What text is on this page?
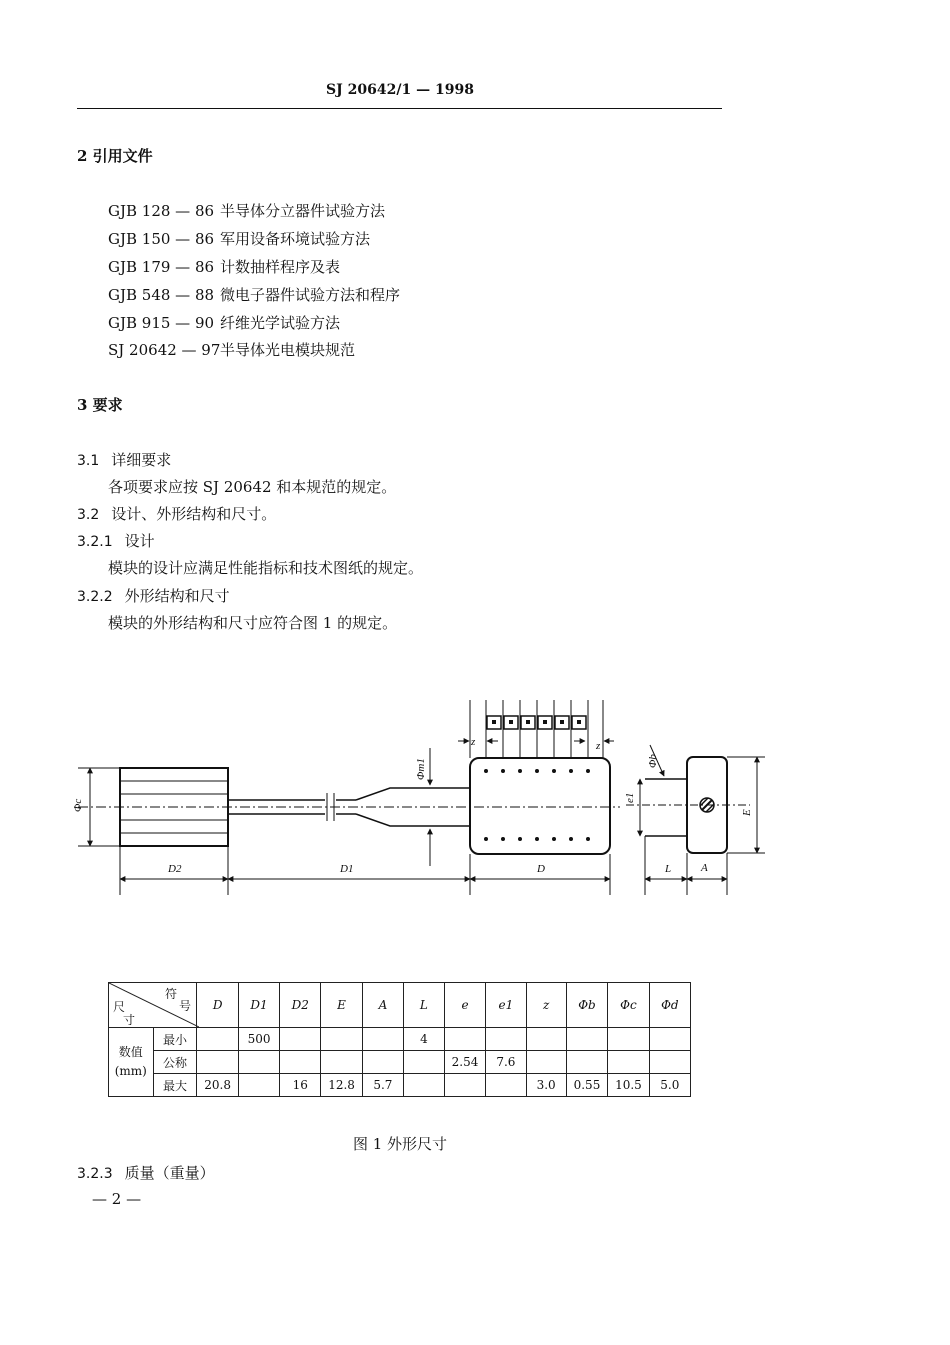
SJ 20642/1 — 1998
2 引用文件
GJB 128 — 86 半导体分立器件试验方法
GJB 150 — 86 军用设备环境试验方法
GJB 179 — 86 计数抽样程序及表
GJB 548 — 88 微电子器件试验方法和程序
GJB 915 — 90 纤维光学试验方法
SJ 20642 — 97半导体光电模块规范
3 要求
3.1 详细要求
各项要求应按 SJ 20642 和本规范的规定。
3.2 设计、外形结构和尺寸。
3.2.1 设计
模块的设计应满足性能指标和技术图纸的规定。
3.2.2 外形结构和尺寸
模块的外形结构和尺寸应符合图 1 的规定。
Φc
D2	D1	D
Φm1
z	z
Φb
e1
E
L	A
符
号
尺
寸		D	D1	D2	E	A	L	e	e1	z	Φb	Φc	Φd
数值
(mm)	最小		500				4						
	公称							2.54	7.6				
	最大	20.8		16	12.8	5.7				3.0	0.55	10.5	5.0
图 1 外形尺寸
3.2.3 质量（重量）
— 2 —
